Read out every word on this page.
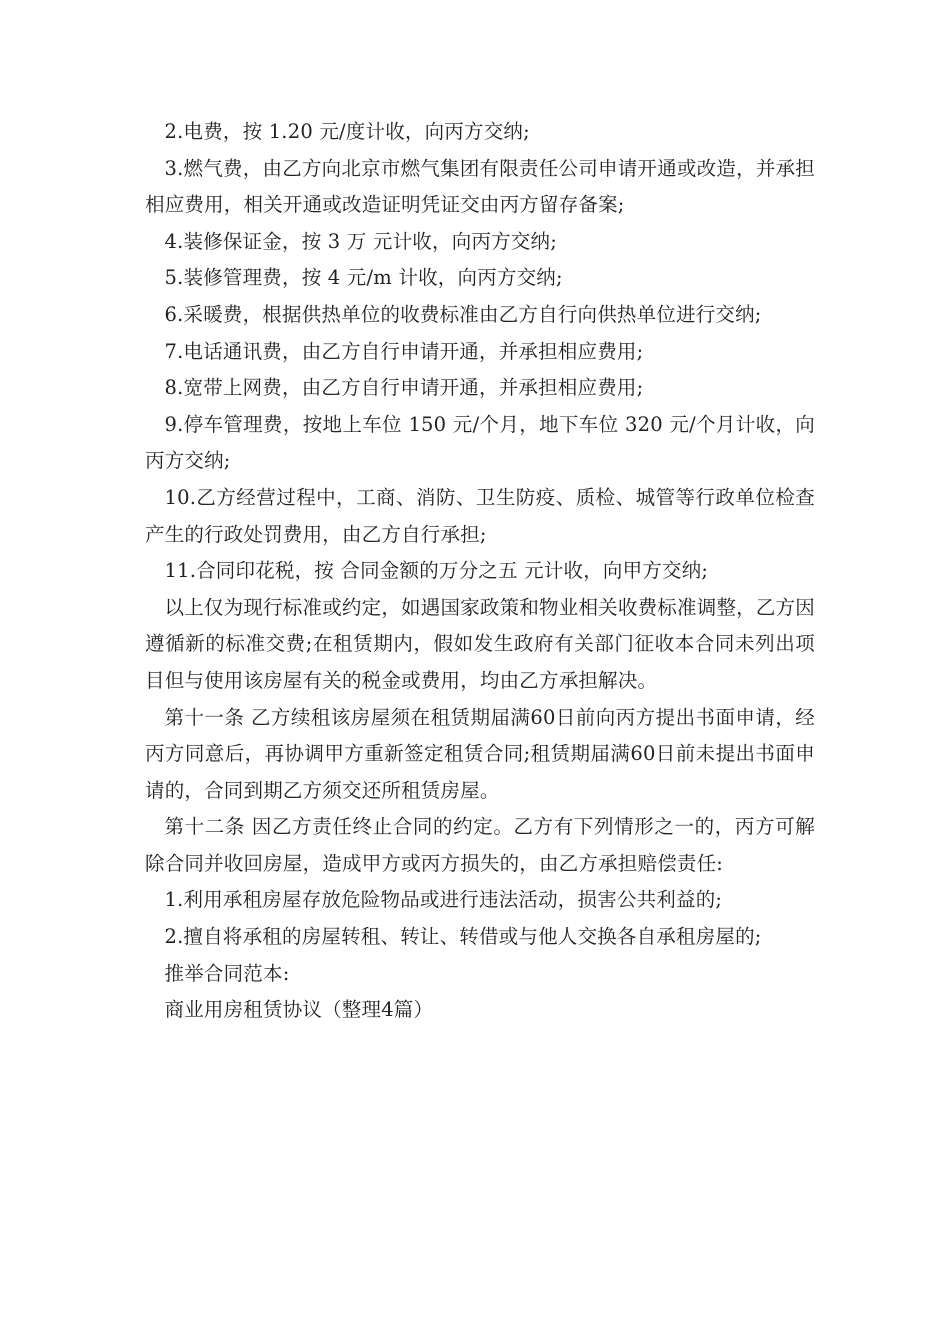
2.电费，按 1.20 元/度计收，向丙方交纳;

3.燃气费，由乙方向北京市燃气集团有限责任公司申请开通或改造，并承担相应费用，相关开通或改造证明凭证交由丙方留存备案;

4.装修保证金，按 3 万 元计收，向丙方交纳;

5.装修管理费，按 4 元/m 计收，向丙方交纳;

6.采暖费，根据供热单位的收费标准由乙方自行向供热单位进行交纳;

7.电话通讯费，由乙方自行申请开通，并承担相应费用;

8.宽带上网费，由乙方自行申请开通，并承担相应费用;

9.停车管理费，按地上车位 150 元/个月，地下车位 320 元/个月计收，向丙方交纳;

10.乙方经营过程中，工商、消防、卫生防疫、质检、城管等行政单位检查产生的行政处罚费用，由乙方自行承担;

11.合同印花税，按 合同金额的万分之五 元计收，向甲方交纳;

以上仅为现行标准或约定，如遇国家政策和物业相关收费标准调整，乙方因遵循新的标准交费;在租赁期内，假如发生政府有关部门征收本合同未列出项目但与使用该房屋有关的税金或费用，均由乙方承担解决。

第十一条 乙方续租该房屋须在租赁期届满60日前向丙方提出书面申请，经丙方同意后，再协调甲方重新签定租赁合同;租赁期届满60日前未提出书面申请的，合同到期乙方须交还所租赁房屋。

第十二条 因乙方责任终止合同的约定。乙方有下列情形之一的，丙方可解除合同并收回房屋，造成甲方或丙方损失的，由乙方承担赔偿责任:

1.利用承租房屋存放危险物品或进行违法活动，损害公共利益的;

2.擅自将承租的房屋转租、转让、转借或与他人交换各自承租房屋的;

推举合同范本:

商业用房租赁协议（整理4篇）
